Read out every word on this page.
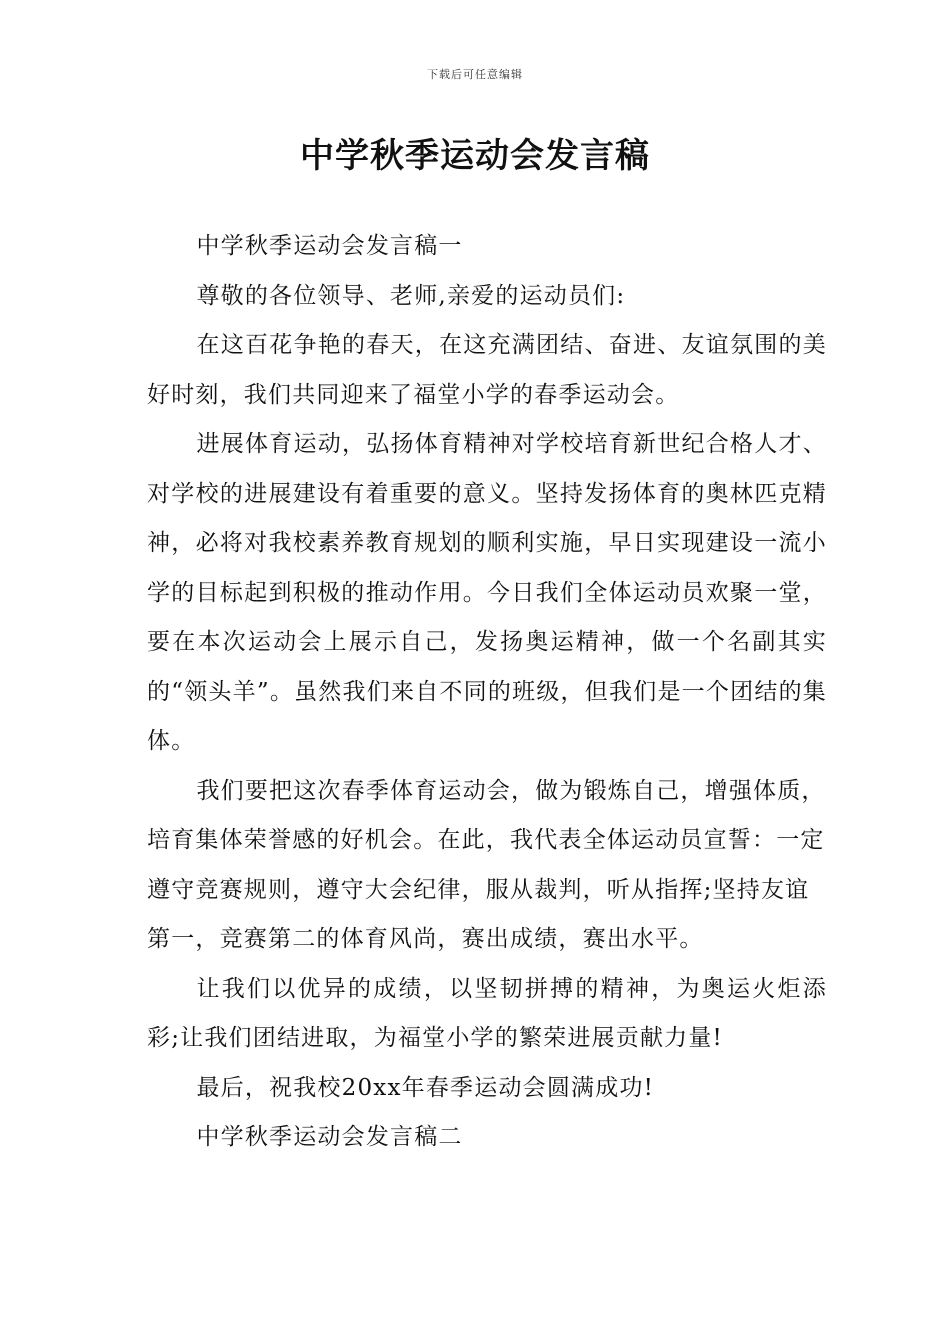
下载后可任意编辑
中学秋季运动会发言稿

中学秋季运动会发言稿一

尊敬的各位领导、老师,亲爱的运动员们:

在这百花争艳的春天，在这充满团结、奋进、友谊氛围的美好时刻，我们共同迎来了福堂小学的春季运动会。

进展体育运动，弘扬体育精神对学校培育新世纪合格人才、对学校的进展建设有着重要的意义。坚持发扬体育的奥林匹克精神，必将对我校素养教育规划的顺利实施，早日实现建设一流小学的目标起到积极的推动作用。今日我们全体运动员欢聚一堂，要在本次运动会上展示自己，发扬奥运精神，做一个名副其实的“领头羊”。虽然我们来自不同的班级，但我们是一个团结的集体。

我们要把这次春季体育运动会，做为锻炼自己，增强体质，培育集体荣誉感的好机会。在此，我代表全体运动员宣誓：一定遵守竞赛规则，遵守大会纪律，服从裁判，听从指挥;坚持友谊第一，竞赛第二的体育风尚，赛出成绩，赛出水平。

让我们以优异的成绩，以坚韧拼搏的精神，为奥运火炬添彩;让我们团结进取，为福堂小学的繁荣进展贡献力量!

最后，祝我校20xx年春季运动会圆满成功!

中学秋季运动会发言稿二
